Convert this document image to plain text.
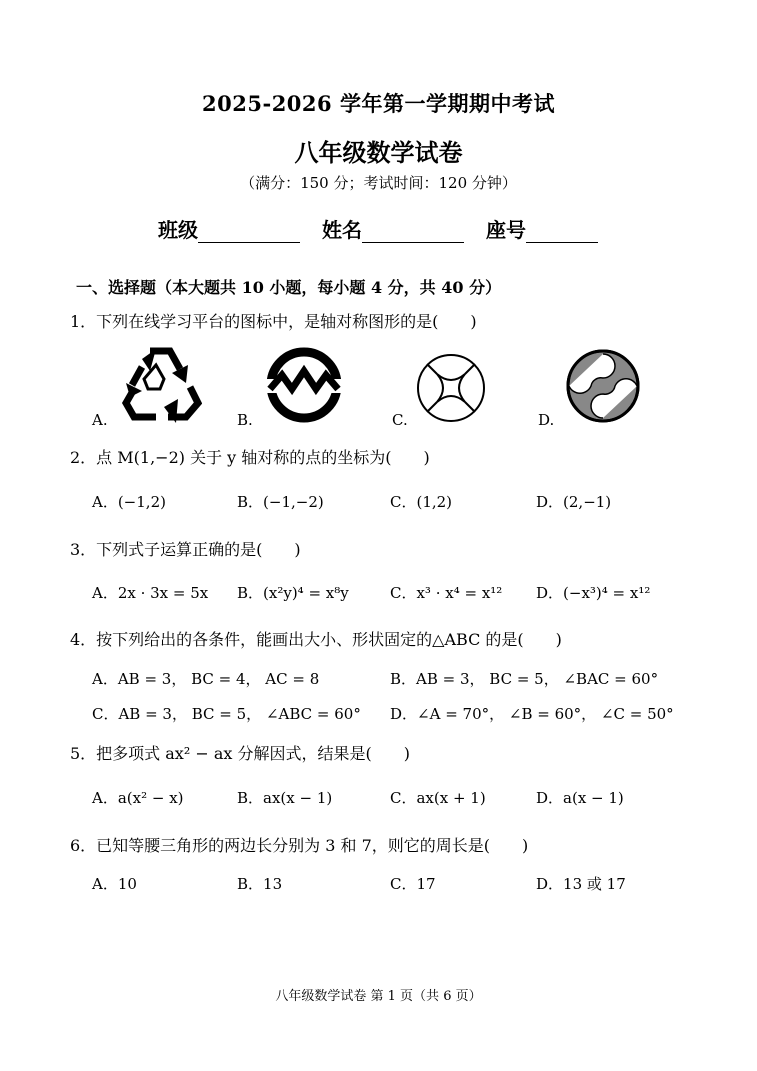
2025-2026 学年第一学期期中考试
八年级数学试卷
（满分：150 分；考试时间：120 分钟）
班级	姓名	座号
一、选择题（本大题共 10 小题，每小题 4 分，共 40 分）
1．下列在线学习平台的图标中，是轴对称图形的是(　　)
A.	B.	C.	D.
2．点 M(1,−2) 关于 y 轴对称的点的坐标为(　　)
A．(−1,2)	B．(−1,−2)	C．(1,2)	D．(2,−1)
3．下列式子运算正确的是(　　)
A．2x · 3x = 5x B．(x²y)⁴ = x⁸y	C．x³ · x⁴ = x¹² D．(−x³)⁴ = x¹²
4．按下列给出的各条件，能画出大小、形状固定的△ABC 的是(　　)
A．AB = 3， BC = 4， AC = 8	B．AB = 3， BC = 5， ∠BAC = 60°
C．AB = 3， BC = 5， ∠ABC = 60° D．∠A = 70°， ∠B = 60°， ∠C = 50°
5．把多项式 ax² − ax 分解因式，结果是(　　)
A．a(x² − x)	B．ax(x − 1)	C．ax(x + 1)	D．a(x − 1)
6．已知等腰三角形的两边长分别为 3 和 7，则它的周长是(　　)
A．10	B．13	C．17	D．13 或 17
八年级数学试卷 第 1 页（共 6 页）
